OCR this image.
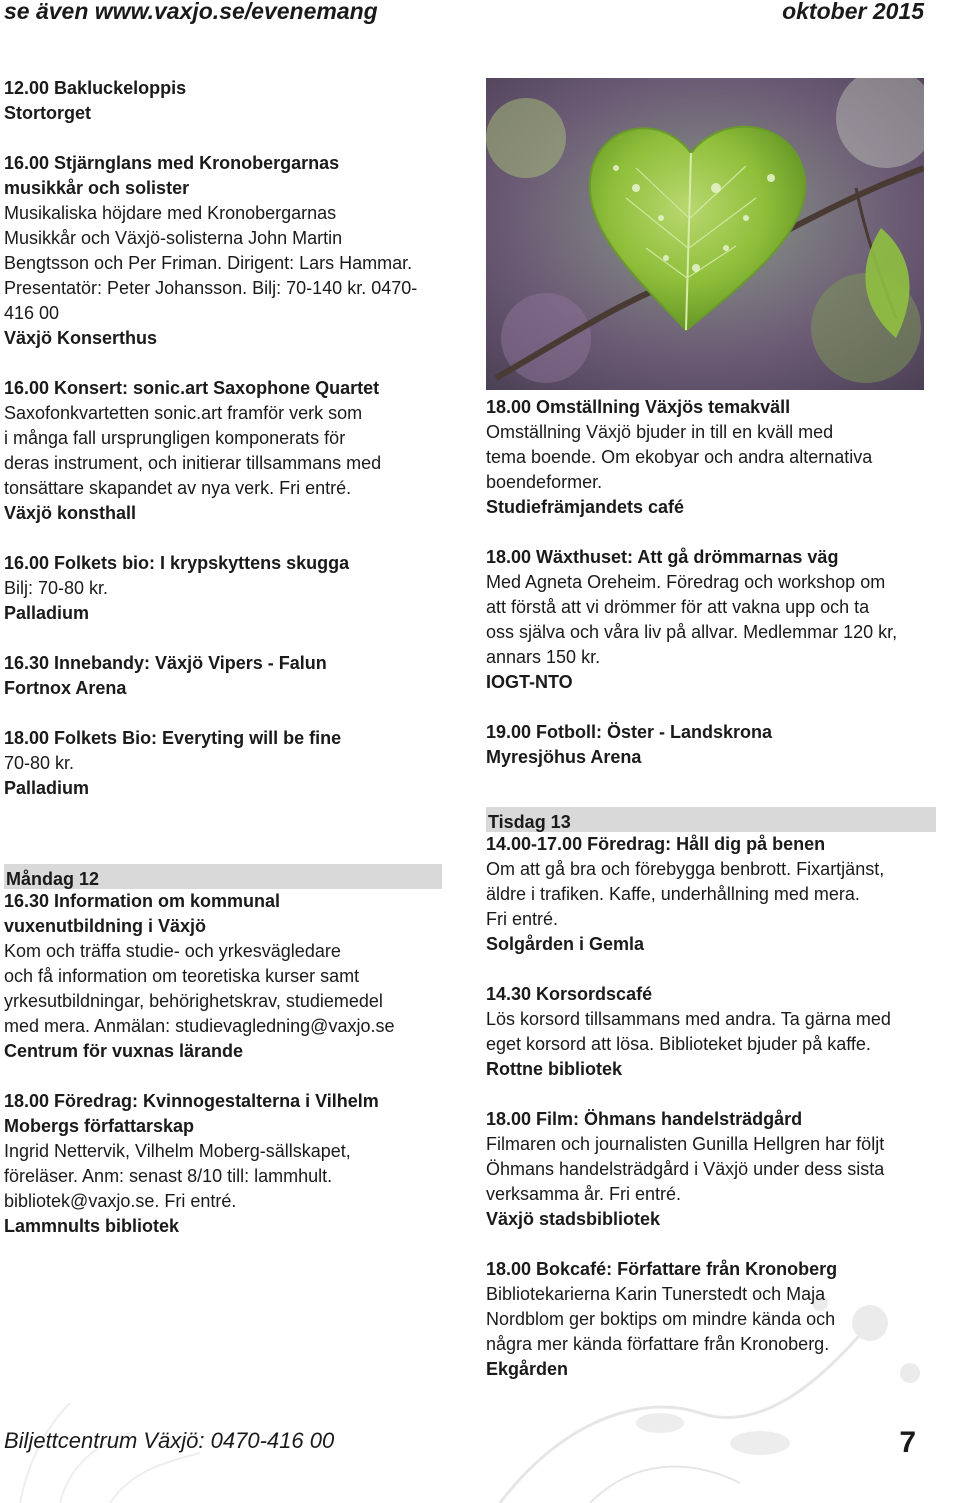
se även www.vaxjo.se/evenemang	oktober 2015
12.00 Bakluckeloppis
Stortorget
16.00 Stjärnglans med Kronobergarnas
musikkår och solister
Musikaliska höjdare med Kronobergarnas
Musikkår och Växjö-solisterna John Martin
Bengtsson och Per Friman. Dirigent: Lars Hammar.
Presentatör: Peter Johansson. Bilj: 70-140 kr. 0470-
416 00
Växjö Konserthus
16.00 Konsert: sonic.art Saxophone Quartet
Saxofonkvartetten sonic.art framför verk som
i många fall ursprungligen komponerats för
deras instrument, och initierar tillsammans med
tonsättare skapandet av nya verk. Fri entré.
Växjö konsthall
16.00 Folkets bio: I krypskyttens skugga
Bilj: 70-80 kr.
Palladium
16.30 Innebandy: Växjö Vipers - Falun
Fortnox Arena
18.00 Folkets Bio: Everyting will be fine
70-80 kr.
Palladium
Måndag 12
16.30 Information om kommunal
vuxenutbildning i Växjö
Kom och träffa studie- och yrkesvägledare
och få information om teoretiska kurser samt
yrkesutbildningar, behörighetskrav, studiemedel
med mera. Anmälan: studievagledning@vaxjo.se
Centrum för vuxnas lärande
18.00 Föredrag: Kvinnogestalterna i Vilhelm
Mobergs författarskap
Ingrid Nettervik, Vilhelm Moberg-sällskapet,
föreläser. Anm: senast 8/10 till: lammhult.
bibliotek@vaxjo.se. Fri entré.
Lammnults bibliotek
18.00 Omställning Växjös temakväll
Omställning Växjö bjuder in till en kväll med
tema boende. Om ekobyar och andra alternativa
boendeformer.
Studiefrämjandets café
18.00 Wäxthuset: Att gå drömmarnas väg
Med Agneta Oreheim. Föredrag och workshop om
att förstå att vi drömmer för att vakna upp och ta
oss själva och våra liv på allvar. Medlemmar 120 kr,
annars 150 kr.
IOGT-NTO
19.00 Fotboll: Öster - Landskrona
Myresjöhus Arena
Tisdag 13
14.00-17.00 Föredrag: Håll dig på benen
Om att gå bra och förebygga benbrott. Fixartjänst,
äldre i trafiken. Kaffe, underhållning med mera.
Fri entré.
Solgården i Gemla
14.30 Korsordscafé
Lös korsord tillsammans med andra. Ta gärna med
eget korsord att lösa. Biblioteket bjuder på kaffe.
Rottne bibliotek
18.00 Film: Öhmans handelsträdgård
Filmaren och journalisten Gunilla Hellgren har följt
Öhmans handelsträdgård i Växjö under dess sista
verksamma år. Fri entré.
Växjö stadsbibliotek
18.00 Bokcafé: Författare från Kronoberg
Bibliotekarierna Karin Tunerstedt och Maja
Nordblom ger boktips om mindre kända och
några mer kända författare från Kronoberg.
Ekgården
Biljettcentrum Växjö: 0470-416 00	7
